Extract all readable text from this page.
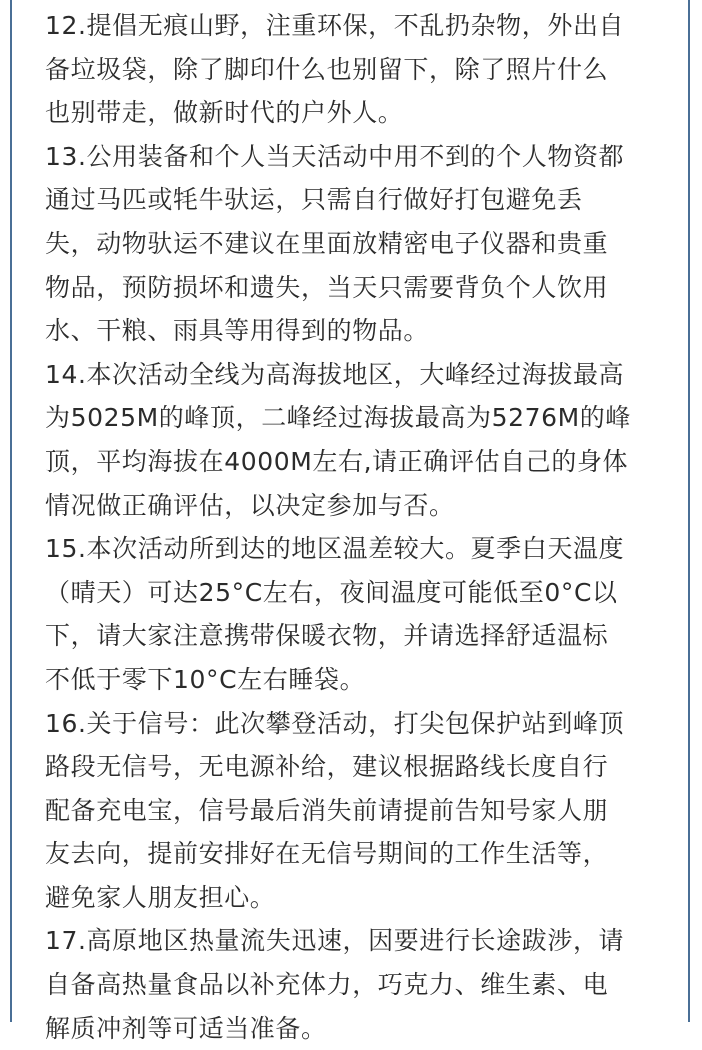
12.提倡无痕山野，注重环保，不乱扔杂物，外出自
备垃圾袋，除了脚印什么也别留下，除了照片什么
也别带走，做新时代的户外人。
13.公用装备和个人当天活动中用不到的个人物资都
通过马匹或牦牛驮运，只需自行做好打包避免丢
失，动物驮运不建议在里面放精密电子仪器和贵重
物品，预防损坏和遗失，当天只需要背负个人饮用
水、干粮、雨具等用得到的物品。
14.本次活动全线为高海拔地区，大峰经过海拔最高
为5025M的峰顶，二峰经过海拔最高为5276M的峰
顶，平均海拔在4000M左右,请正确评估自己的身体
情况做正确评估，以决定参加与否。
15.本次活动所到达的地区温差较大。夏季白天温度
（晴天）可达25°C左右，夜间温度可能低至0°C以
下，请大家注意携带保暖衣物，并请选择舒适温标
不低于零下10°C左右睡袋。
16.关于信号：此次攀登活动，打尖包保护站到峰顶
路段无信号，无电源补给，建议根据路线长度自行
配备充电宝，信号最后消失前请提前告知号家人朋
友去向，提前安排好在无信号期间的工作生活等，
避免家人朋友担心。
17.高原地区热量流失迅速，因要进行长途跋涉，请
自备高热量食品以补充体力，巧克力、维生素、电
解质冲剂等可适当准备。
